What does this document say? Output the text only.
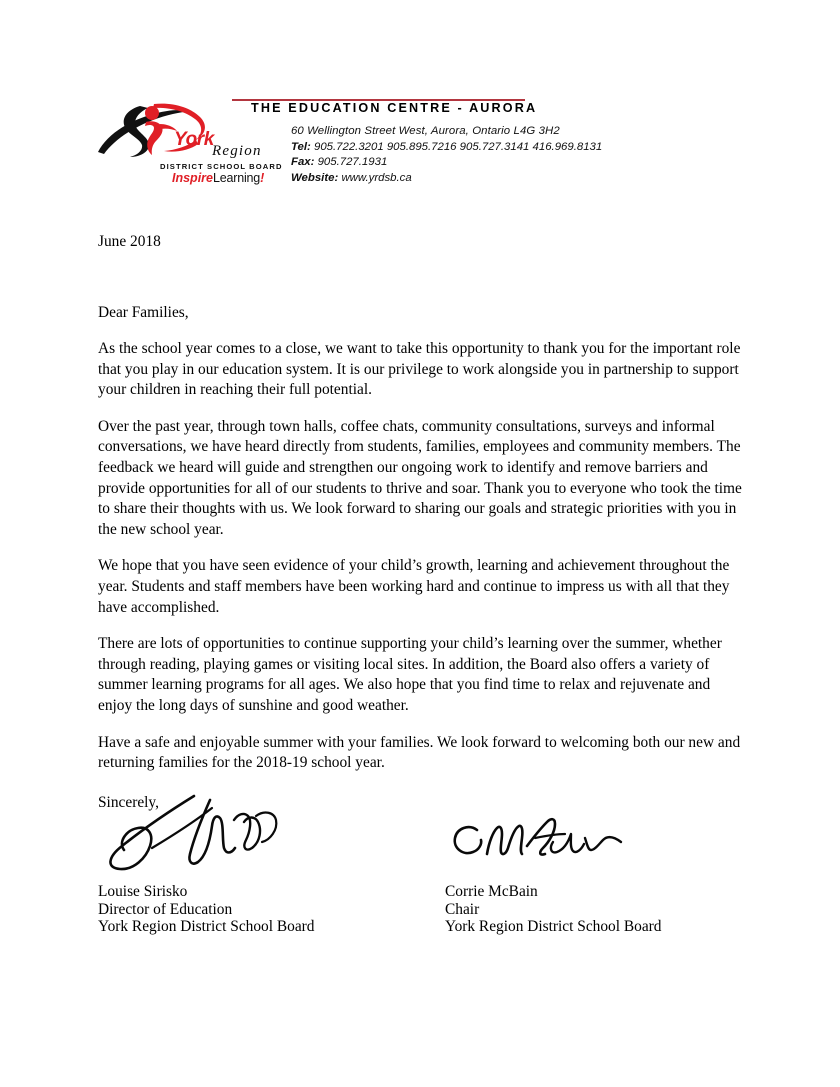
York
Region
DISTRICT SCHOOL BOARD
InspireLearning!
THE EDUCATION CENTRE - AURORA
60 Wellington Street West, Aurora, Ontario L4G 3H2
Tel: 905.722.3201 905.895.7216 905.727.3141 416.969.8131
Fax: 905.727.1931
Website: www.yrdsb.ca

June 2018

Dear Families,

As the school year comes to a close, we want to take this opportunity to thank you for the important role that you play in our education system. It is our privilege to work alongside you in partnership to support your children in reaching their full potential.

Over the past year, through town halls, coffee chats, community consultations, surveys and informal conversations, we have heard directly from students, families, employees and community members. The feedback we heard will guide and strengthen our ongoing work to identify and remove barriers and provide opportunities for all of our students to thrive and soar. Thank you to everyone who took the time to share their thoughts with us. We look forward to sharing our goals and strategic priorities with you in the new school year.

We hope that you have seen evidence of your child’s growth, learning and achievement throughout the year. Students and staff members have been working hard and continue to impress us with all that they have accomplished.

There are lots of opportunities to continue supporting your child’s learning over the summer, whether through reading, playing games or visiting local sites. In addition, the Board also offers a variety of summer learning programs for all ages. We also hope that you find time to relax and rejuvenate and enjoy the long days of sunshine and good weather.

Have a safe and enjoyable summer with your families. We look forward to welcoming both our new and returning families for the 2018-19 school year.

Sincerely,

Louise Sirisko
Director of Education
York Region District School Board
Corrie McBain
Chair
York Region District School Board
